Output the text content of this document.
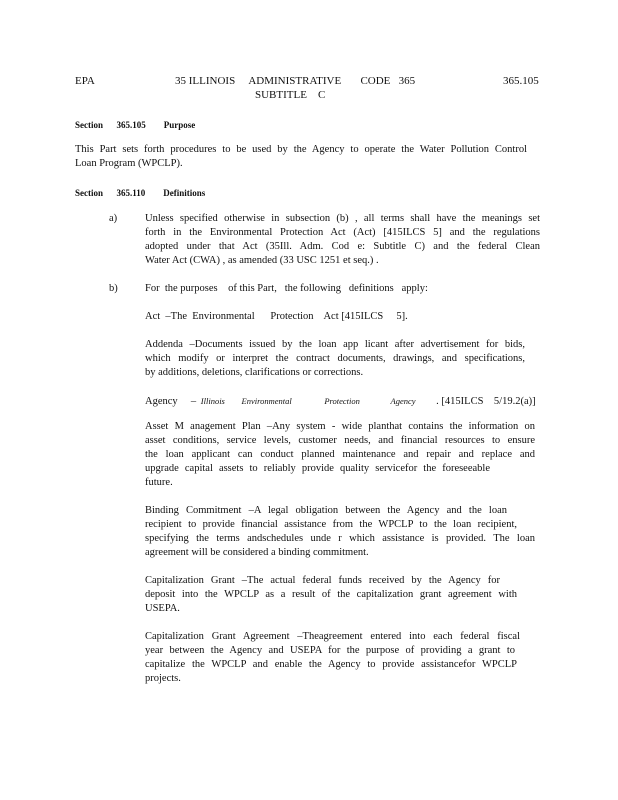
EPA	35 ILLINOIS     ADMINISTRATIVE       CODE   365
SUBTITLE    C
365.105
Section      365.105        Purpose
This Part sets forth procedures to be used by the Agency to operate the Water Pollution Control
Loan Program (WPCLP).
Section      365.110        Definitions
a)	Unless specified otherwise in subsection (b) , all terms shall have the meanings set
forth in the Environmental Protection Act (Act) [415ILCS 5] and the regulations
adopted under that Act (35Ill. Adm. Cod e: Subtitle C) and the federal Clean
Water Act (CWA) , as amended (33 USC 1251 et seq.) .
b)	For  the purposes    of this Part,   the following   definitions   apply:
Act  –The  Environmental      Protection    Act [415ILCS     5].
Addenda –Documents issued by the loan app licant after advertisement for bids,
which modify or interpret the contract documents, drawings, and specifications,
by additions, deletions, clarifications or corrections.
Agency – Illinois Environmental	Protection	Agency . [415ILCS    5/19.2(a)]
Asset M anagement Plan –Any system - wide planthat contains the information on
asset conditions, service levels, customer needs, and financial resources to ensure
the loan applicant can conduct planned maintenance and repair and replace and
upgrade capital assets to reliably provide quality servicefor the foreseeable
future.
Binding Commitment –A legal obligation between the Agency and the loan
recipient to provide financial assistance from the WPCLP to the loan recipient,
specifying the terms andschedules unde r which assistance is provided. The loan
agreement will be considered a binding commitment.
Capitalization Grant –The actual federal funds received by the Agency for
deposit into the WPCLP as a result of the capitalization grant agreement with
USEPA.
Capitalization Grant Agreement –Theagreement entered into each federal fiscal
year between the Agency and USEPA for the purpose of providing a grant to
capitalize the WPCLP and enable the Agency to provide assistancefor WPCLP
projects.
